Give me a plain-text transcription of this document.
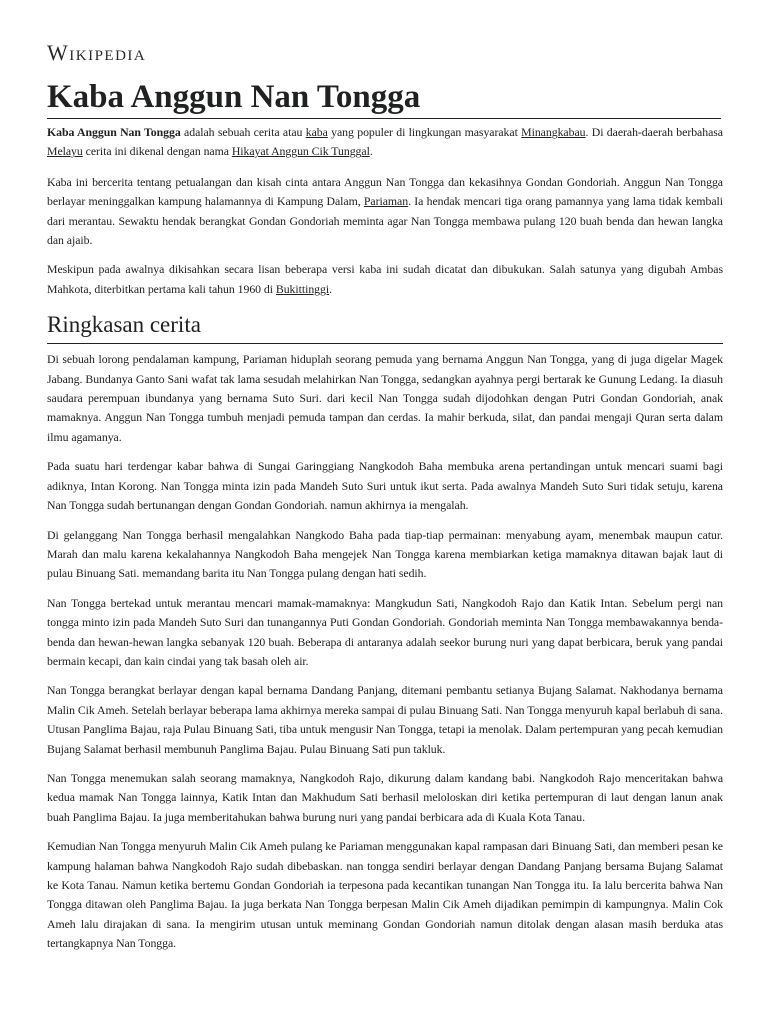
Wikipedia
Kaba Anggun Nan Tongga

Kaba Anggun Nan Tongga adalah sebuah cerita atau kaba yang populer di lingkungan masyarakat Minangkabau. Di daerah-daerah berbahasa Melayu cerita ini dikenal dengan nama Hikayat Anggun Cik Tunggal.

Kaba ini bercerita tentang petualangan dan kisah cinta antara Anggun Nan Tongga dan kekasihnya Gondan Gondoriah. Anggun Nan Tongga berlayar meninggalkan kampung halamannya di Kampung Dalam, Pariaman. Ia hendak mencari tiga orang pamannya yang lama tidak kembali dari merantau. Sewaktu hendak berangkat Gondan Gondoriah meminta agar Nan Tongga membawa pulang 120 buah benda dan hewan langka dan ajaib.

Meskipun pada awalnya dikisahkan secara lisan beberapa versi kaba ini sudah dicatat dan dibukukan. Salah satunya yang digubah Ambas Mahkota, diterbitkan pertama kali tahun 1960 di Bukittinggi.

Ringkasan cerita

Di sebuah lorong pendalaman kampung, Pariaman hiduplah seorang pemuda yang bernama Anggun Nan Tongga, yang di juga digelar Magek Jabang. Bundanya Ganto Sani wafat tak lama sesudah melahirkan Nan Tongga, sedangkan ayahnya pergi bertarak ke Gunung Ledang. Ia diasuh saudara perempuan ibundanya yang bernama Suto Suri. dari kecil Nan Tongga sudah dijodohkan dengan Putri Gondan Gondoriah, anak mamaknya. Anggun Nan Tongga tumbuh menjadi pemuda tampan dan cerdas. Ia mahir berkuda, silat, dan pandai mengaji Quran serta dalam ilmu agamanya.

Pada suatu hari terdengar kabar bahwa di Sungai Garinggiang Nangkodoh Baha membuka arena pertandingan untuk mencari suami bagi adiknya, Intan Korong. Nan Tongga minta izin pada Mandeh Suto Suri untuk ikut serta. Pada awalnya Mandeh Suto Suri tidak setuju, karena Nan Tongga sudah bertunangan dengan Gondan Gondoriah. namun akhirnya ia mengalah.

Di gelanggang Nan Tongga berhasil mengalahkan Nangkodo Baha pada tiap-tiap permainan: menyabung ayam, menembak maupun catur. Marah dan malu karena kekalahannya Nangkodoh Baha mengejek Nan Tongga karena membiarkan ketiga mamaknya ditawan bajak laut di pulau Binuang Sati. memandang barita itu Nan Tongga pulang dengan hati sedih.

Nan Tongga bertekad untuk merantau mencari mamak-mamaknya: Mangkudun Sati, Nangkodoh Rajo dan Katik Intan. Sebelum pergi nan tongga minto izin pada Mandeh Suto Suri dan tunangannya Puti Gondan Gondoriah. Gondoriah meminta Nan Tongga membawakannya benda-benda dan hewan-hewan langka sebanyak 120 buah. Beberapa di antaranya adalah seekor burung nuri yang dapat berbicara, beruk yang pandai bermain kecapi, dan kain cindai yang tak basah oleh air.

Nan Tongga berangkat berlayar dengan kapal bernama Dandang Panjang, ditemani pembantu setianya Bujang Salamat. Nakhodanya bernama Malin Cik Ameh. Setelah berlayar beberapa lama akhirnya mereka sampai di pulau Binuang Sati. Nan Tongga menyuruh kapal berlabuh di sana. Utusan Panglima Bajau, raja Pulau Binuang Sati, tiba untuk mengusir Nan Tongga, tetapi ia menolak. Dalam pertempuran yang pecah kemudian Bujang Salamat berhasil membunuh Panglima Bajau. Pulau Binuang Sati pun takluk.

Nan Tongga menemukan salah seorang mamaknya, Nangkodoh Rajo, dikurung dalam kandang babi. Nangkodoh Rajo menceritakan bahwa kedua mamak Nan Tongga lainnya, Katik Intan dan Makhudum Sati berhasil meloloskan diri ketika pertempuran di laut dengan lanun anak buah Panglima Bajau. Ia juga memberitahukan bahwa burung nuri yang pandai berbicara ada di Kuala Kota Tanau.

Kemudian Nan Tongga menyuruh Malin Cik Ameh pulang ke Pariaman menggunakan kapal rampasan dari Binuang Sati, dan memberi pesan ke kampung halaman bahwa Nangkodoh Rajo sudah dibebaskan. nan tongga sendiri berlayar dengan Dandang Panjang bersama Bujang Salamat ke Kota Tanau. Namun ketika bertemu Gondan Gondoriah ia terpesona pada kecantikan tunangan Nan Tongga itu. Ia lalu bercerita bahwa Nan Tongga ditawan oleh Panglima Bajau. Ia juga berkata Nan Tongga berpesan Malin Cik Ameh dijadikan pemimpin di kampungnya. Malin Cok Ameh lalu dirajakan di sana. Ia mengirim utusan untuk meminang Gondan Gondoriah namun ditolak dengan alasan masih berduka atas tertangkapnya Nan Tongga.
